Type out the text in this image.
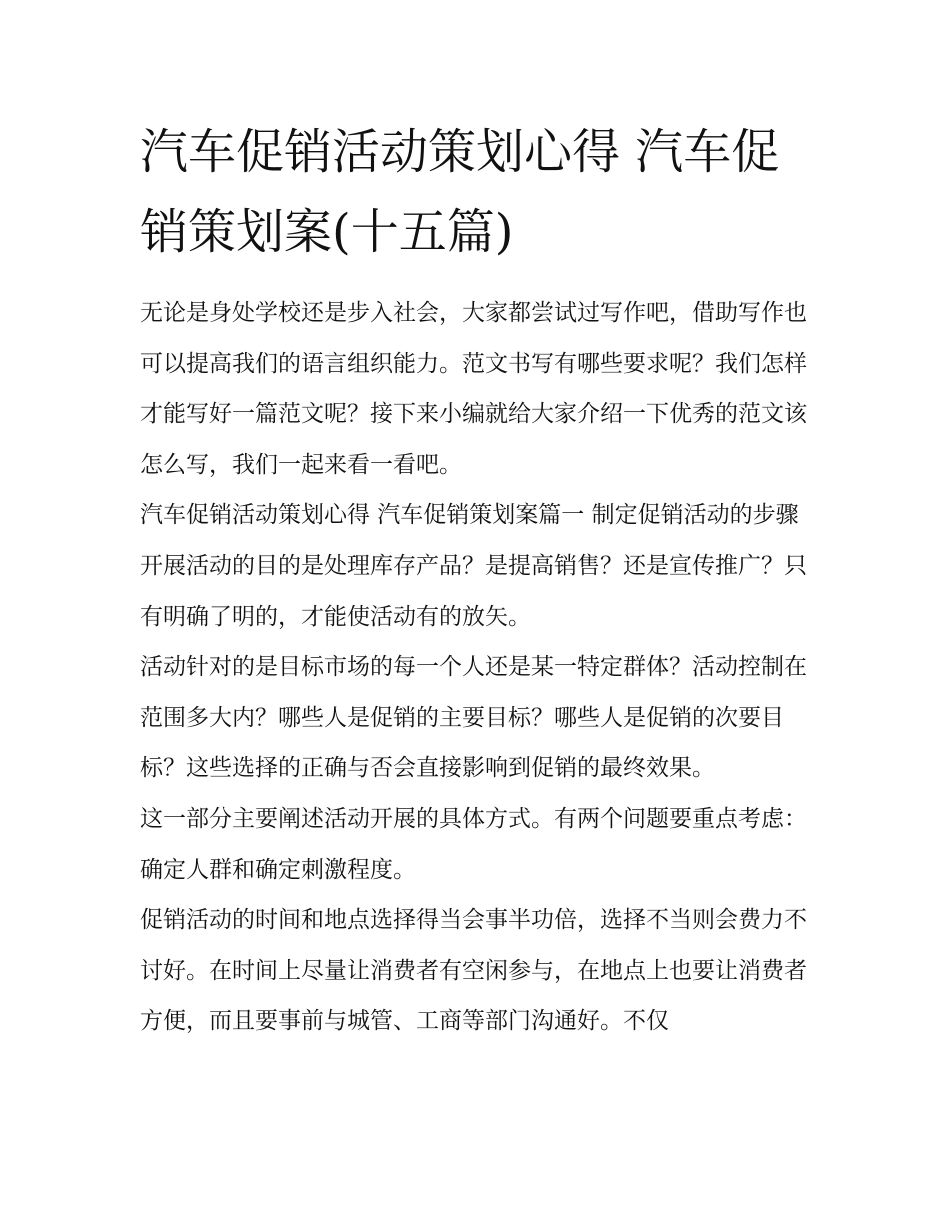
汽车促销活动策划心得 汽车促销策划案(十五篇)

无论是身处学校还是步入社会，大家都尝试过写作吧，借助写作也可以提高我们的语言组织能力。范文书写有哪些要求呢？我们怎样才能写好一篇范文呢？接下来小编就给大家介绍一下优秀的范文该怎么写，我们一起来看一看吧。

汽车促销活动策划心得 汽车促销策划案篇一 制定促销活动的步骤 开展活动的目的是处理库存产品？是提高销售？还是宣传推广？只有明确了明的，才能使活动有的放矢。

活动针对的是目标市场的每一个人还是某一特定群体？活动控制在范围多大内？哪些人是促销的主要目标？哪些人是促销的次要目标？这些选择的正确与否会直接影响到促销的最终效果。

这一部分主要阐述活动开展的具体方式。有两个问题要重点考虑：确定人群和确定刺激程度。

促销活动的时间和地点选择得当会事半功倍，选择不当则会费力不讨好。在时间上尽量让消费者有空闲参与，在地点上也要让消费者方便，而且要事前与城管、工商等部门沟通好。不仅
